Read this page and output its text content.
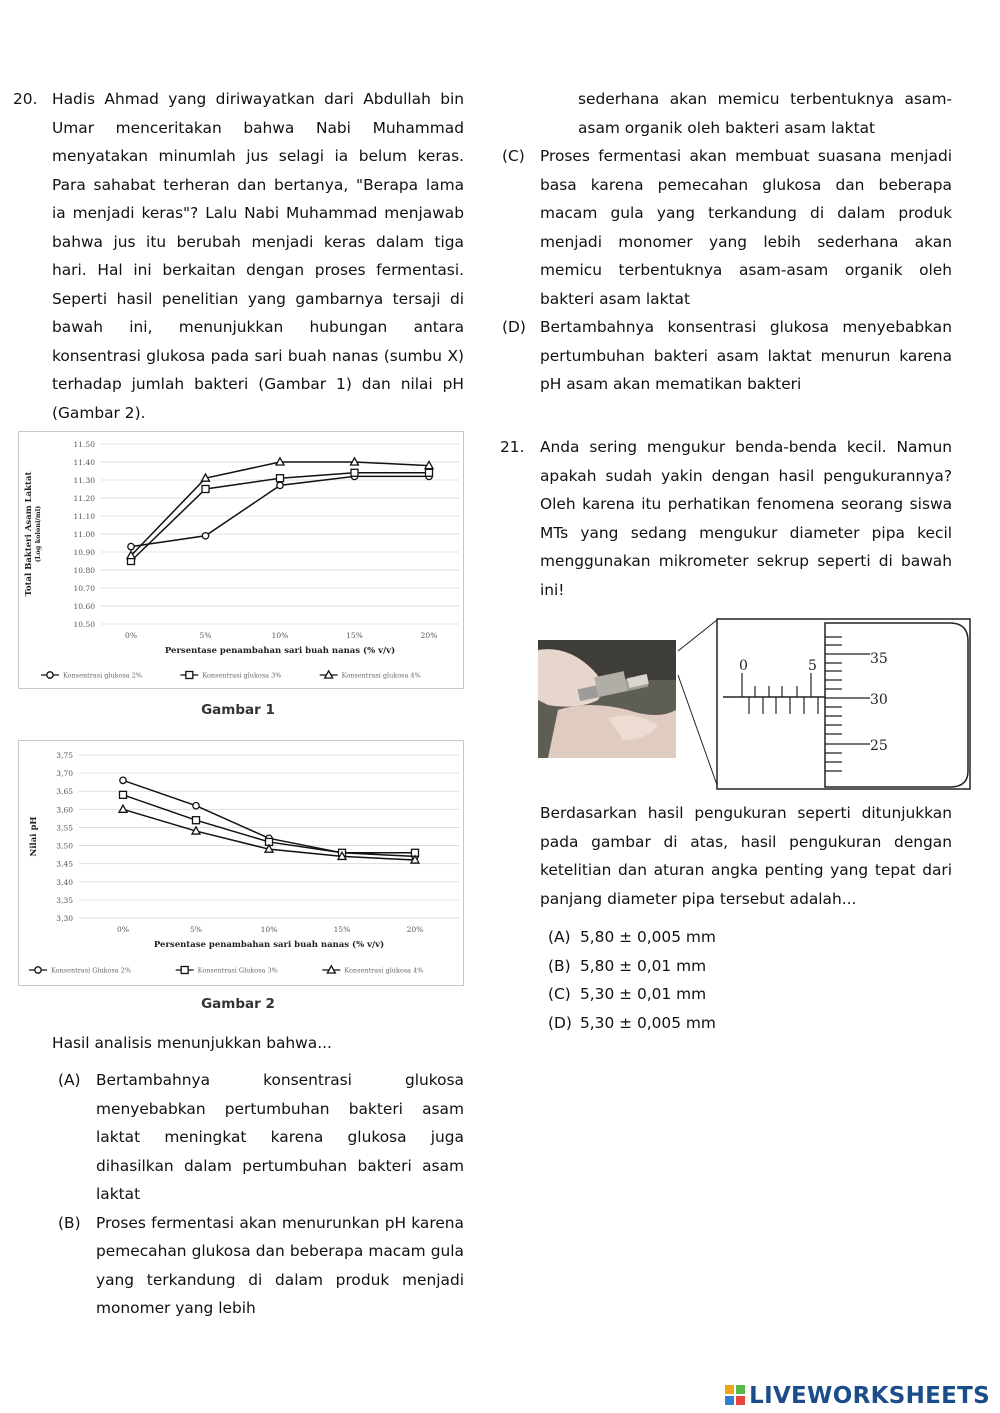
20. Hadis Ahmad yang diriwayatkan dari Abdullah bin Umar menceritakan bahwa Nabi Muhammad menyatakan minumlah jus selagi ia belum keras. Para sahabat terheran dan bertanya, "Berapa lama ia menjadi keras"? Lalu Nabi Muhammad menjawab bahwa jus itu berubah menjadi keras dalam tiga hari. Hal ini berkaitan dengan proses fermentasi. Seperti hasil penelitian yang gambarnya tersaji di bawah ini, menunjukkan hubungan antara konsentrasi glukosa pada sari buah nanas (sumbu X) terhadap jumlah bakteri (Gambar 1) dan nilai pH (Gambar 2).
11.50
11.40
11.30
11.20
11.10
11.00
10.90
10.80
10.70
10.60
10.50
0%	5%	10%	15%	20%
Persentase penambahan sari buah nanas (% v/v)
Total Bakteri Asam Laktat (Log koloni/ml)
Konsentrasi glukosa 2%	Konsentrasi glukosa 3%	Konsentrasi glukosa 4%
Gambar 1
3,75
3,70
3,65
3,60
3,55
3,50
3,45
3,40
3,35
3,30
0%	5%	10%	15%	20%
Persentase penambahan sari buah nanas (% v/v)
Nilai pH
Konsentrasi Glukosa 2%	Konsentrasi Glukosa 3%	Konsentrasi glukosa 4%
Gambar 2
Hasil analisis menunjukkan bahwa...
(A) Bertambahnya konsentrasi glukosa menyebabkan pertumbuhan bakteri asam laktat meningkat karena glukosa juga dihasilkan dalam pertumbuhan bakteri asam laktat
(B) Proses fermentasi akan menurunkan pH karena pemecahan glukosa dan beberapa macam gula yang terkandung di dalam produk menjadi monomer yang lebih
sederhana akan memicu terbentuknya asam-asam organik oleh bakteri asam laktat
(C) Proses fermentasi akan membuat suasana menjadi basa karena pemecahan glukosa dan beberapa macam gula yang terkandung di dalam produk menjadi monomer yang lebih sederhana akan memicu terbentuknya asam-asam organik oleh bakteri asam laktat
(D) Bertambahnya konsentrasi glukosa menyebabkan pertumbuhan bakteri asam laktat menurun karena pH asam akan mematikan bakteri
21. Anda sering mengukur benda-benda kecil. Namun apakah sudah yakin dengan hasil pengukurannya? Oleh karena itu perhatikan fenomena seorang siswa MTs yang sedang mengukur diameter pipa kecil menggunakan mikrometer sekrup seperti di bawah ini!
0	5	35
30
25
Berdasarkan hasil pengukuran seperti ditunjukkan pada gambar di atas, hasil pengukuran dengan ketelitian dan aturan angka penting yang tepat dari panjang diameter pipa tersebut adalah...
(A) 5,80 ± 0,005 mm
(B) 5,80 ± 0,01 mm
(C) 5,30 ± 0,01 mm
(D) 5,30 ± 0,005 mm
LIVEWORKSHEETS
